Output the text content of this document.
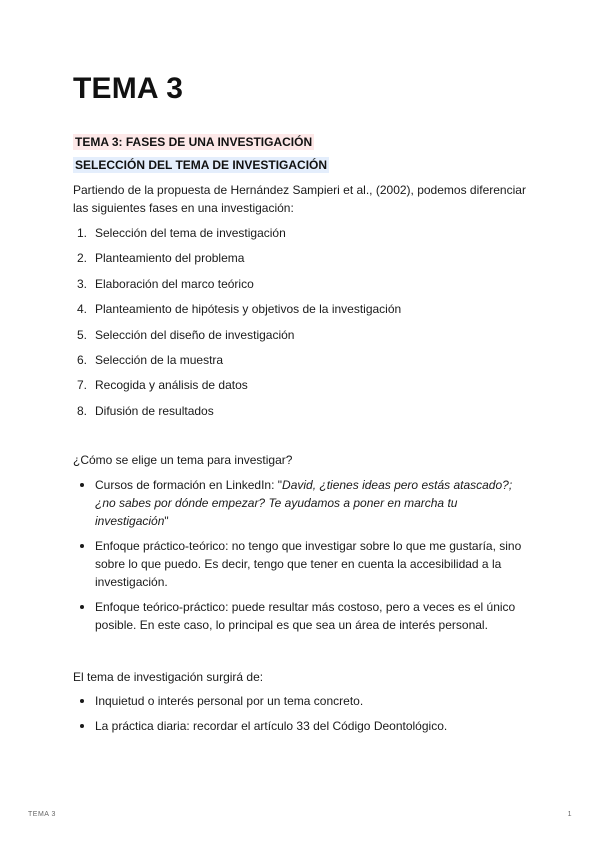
TEMA 3
TEMA 3: FASES DE UNA INVESTIGACIÓN
SELECCIÓN DEL TEMA DE INVESTIGACIÓN

Partiendo de la propuesta de Hernández Sampieri et al., (2002), podemos diferenciar las siguientes fases en una investigación:

1. Selección del tema de investigación
2. Planteamiento del problema
3. Elaboración del marco teórico
4. Planteamiento de hipótesis y objetivos de la investigación
5. Selección del diseño de investigación
6. Selección de la muestra
7. Recogida y análisis de datos
8. Difusión de resultados

¿Cómo se elige un tema para investigar?

Cursos de formación en LinkedIn: "David, ¿tienes ideas pero estás atascado?; ¿no sabes por dónde empezar? Te ayudamos a poner en marcha tu investigación"
Enfoque práctico-teórico: no tengo que investigar sobre lo que me gustaría, sino sobre lo que puedo. Es decir, tengo que tener en cuenta la accesibilidad a la investigación.
Enfoque teórico-práctico: puede resultar más costoso, pero a veces es el único posible. En este caso, lo principal es que sea un área de interés personal.

El tema de investigación surgirá de:

Inquietud o interés personal por un tema concreto.
La práctica diaria: recordar el artículo 33 del Código Deontológico.
TEMA 3	1
